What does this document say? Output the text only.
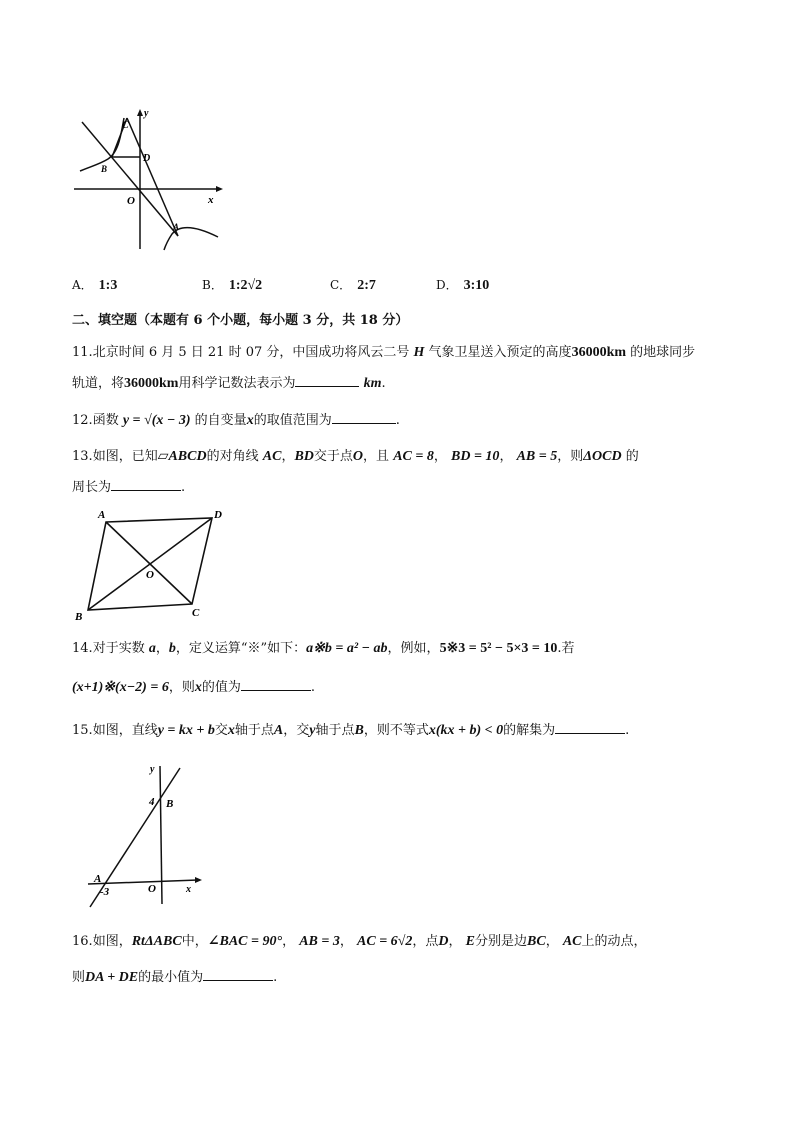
y
C
D
B
O	x
A
A． 1:3	B． 1:2√2	C． 2:7	D． 3:10
二、填空题（本题有 6 个小题，每小题 3 分，共 18 分）
11.北京时间 6 月 5 日 21 时 07 分，中国成功将风云二号 H 气象卫星送入预定的高度36000km 的地球同步
轨道，将36000km用科学记数法表示为	km.
12.函数 y = √(x − 3) 的自变量x的取值范围为	.
13.如图，已知▱ABCD的对角线 AC，BD交于点O，且 AC = 8， BD = 10， AB = 5，则ΔOCD 的
周长为	.
A	D
O
B	C
14.对于实数 a，b，定义运算“※”如下：a※b = a² − ab，例如，5※3 = 5² − 5×3 = 10.若
(x+1)※(x−2) = 6，则x的值为	.
15.如图，直线y = kx + b交x轴于点A，交y轴于点B，则不等式x(kx + b) < 0的解集为	.
y
4 B
A
-3	O	x
16.如图，RtΔABC中，∠BAC = 90°， AB = 3， AC = 6√2，点D， E分别是边BC， AC上的动点，
则DA + DE的最小值为	.
